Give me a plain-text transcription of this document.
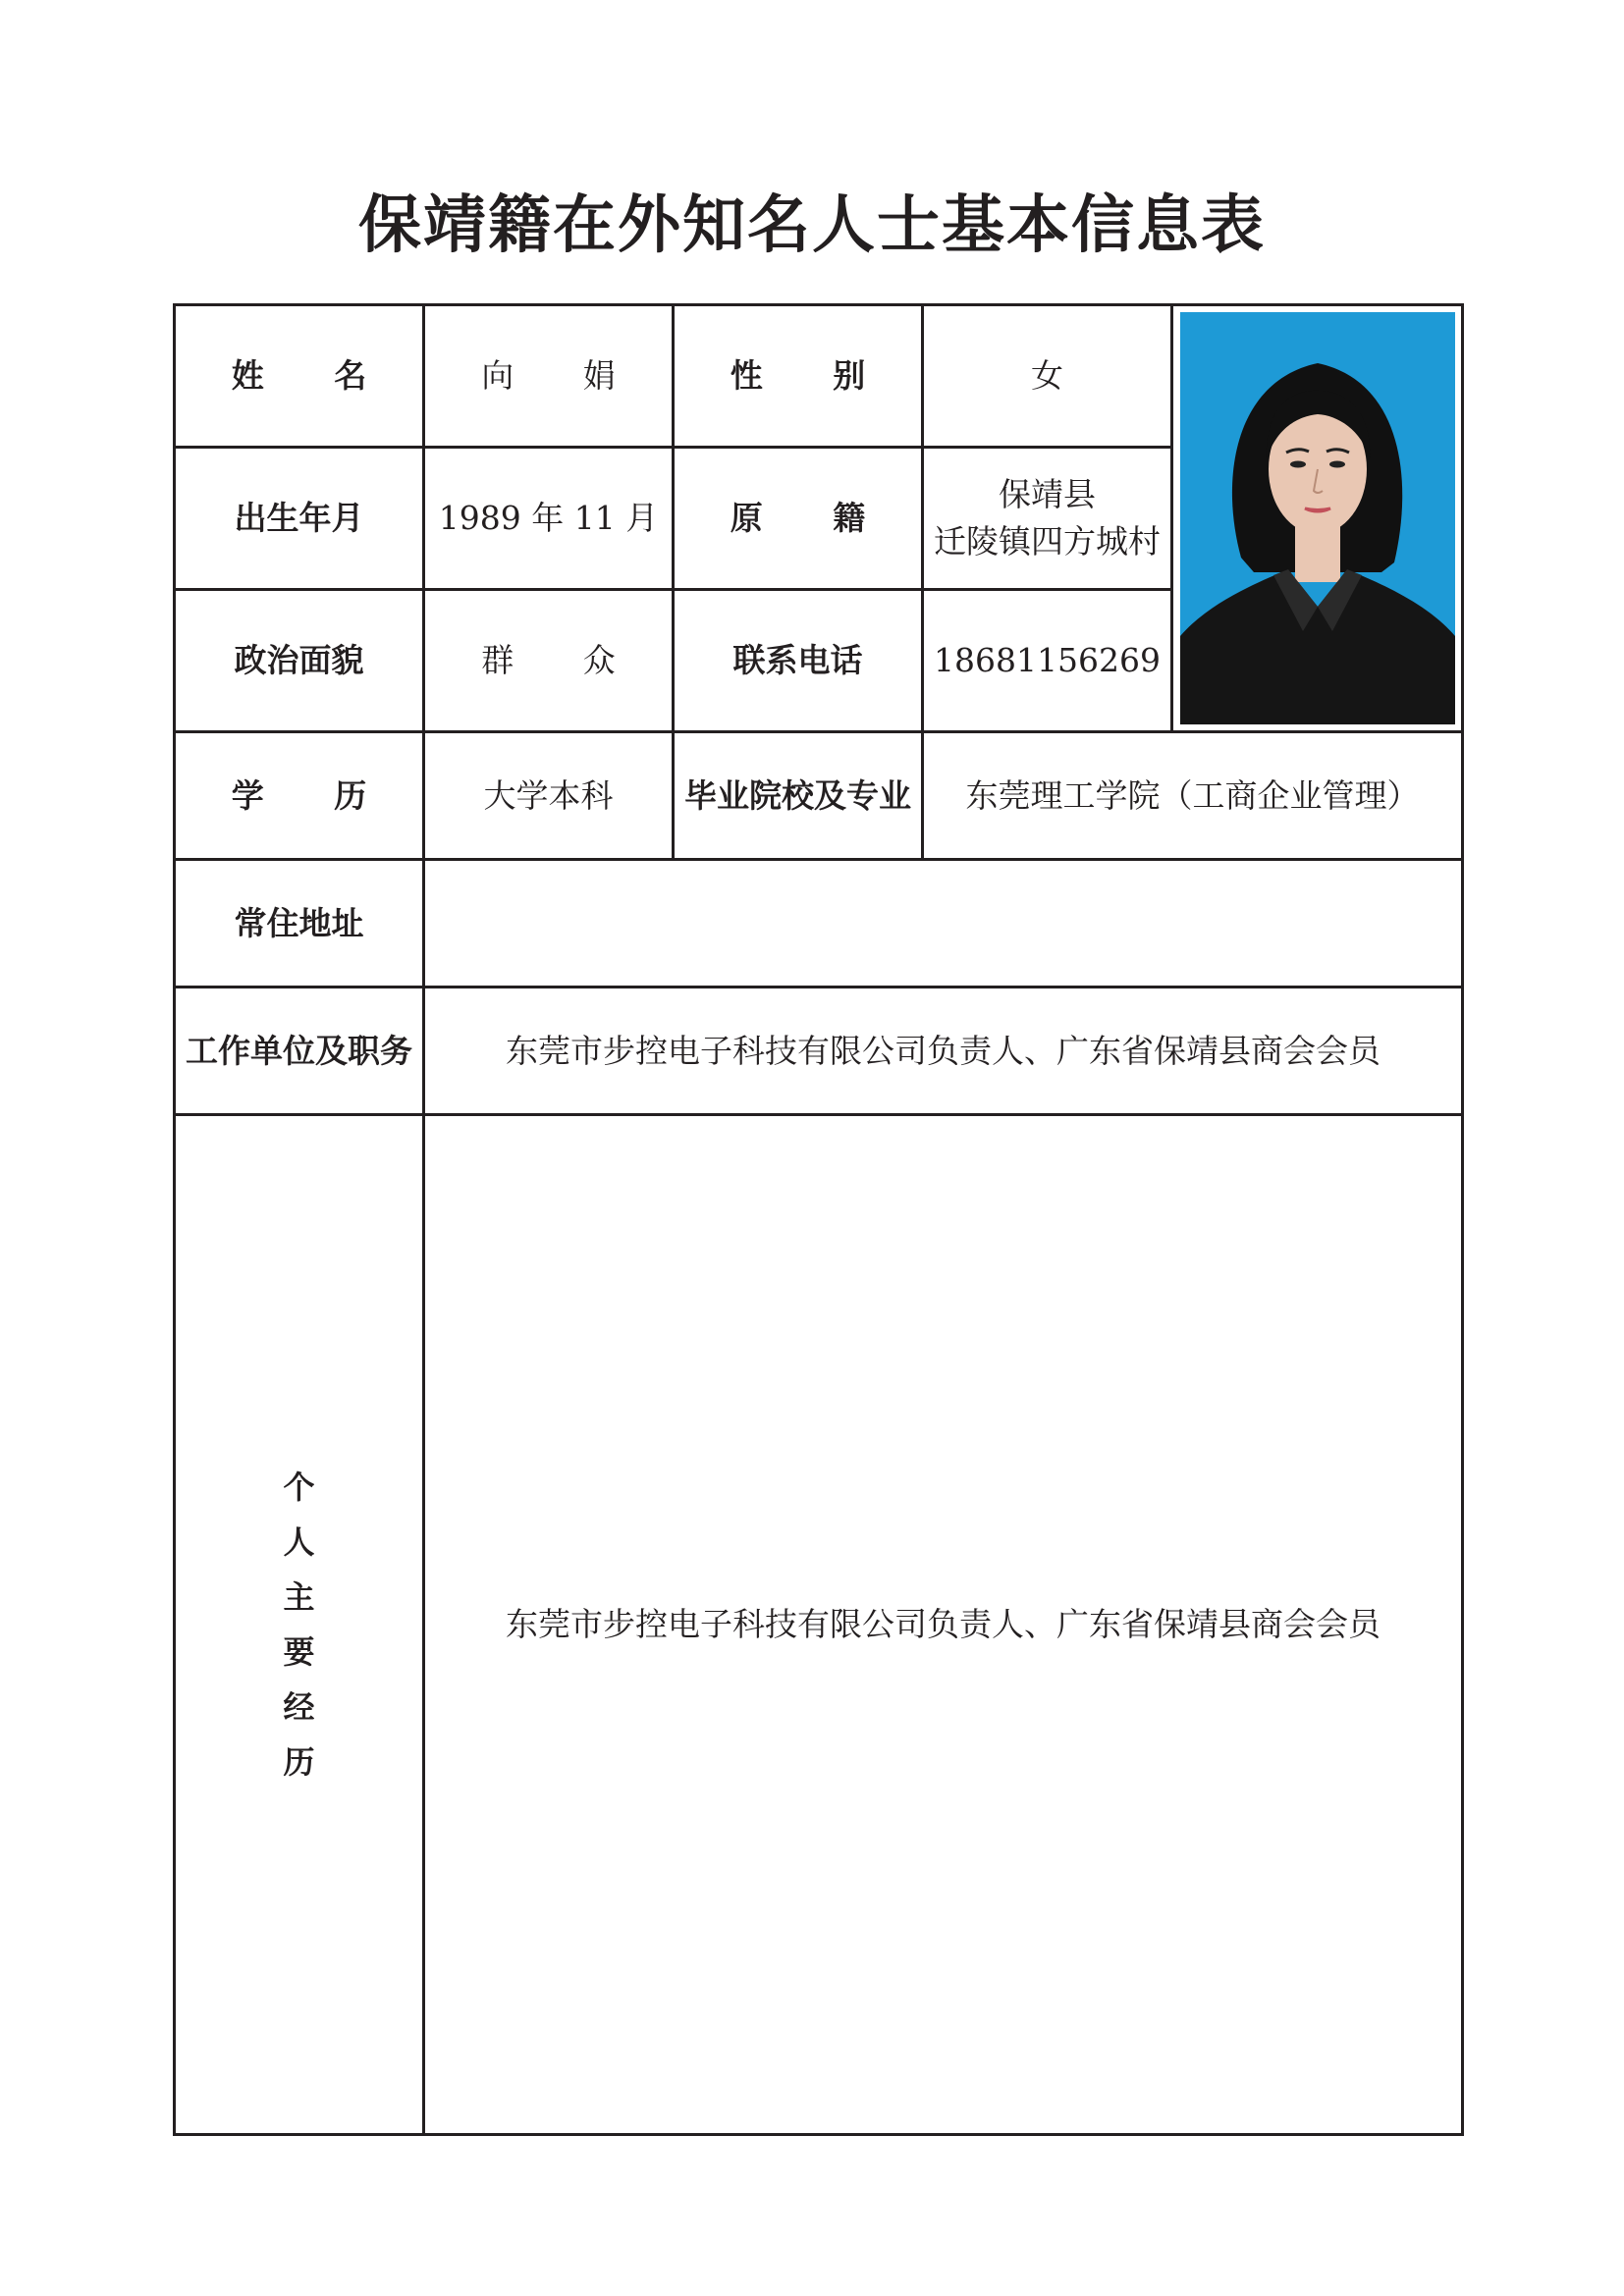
保靖籍在外知名人士基本信息表
姓 名	向 娟	性 别	女	

出生年月	1989 年 11 月	原 籍	保靖县
迁陵镇四方城村	

政治面貌	群 众	联系电话	18681156269	
学 历	大学本科	毕业院校及专业	东莞理工学院（工商企业管理）	
常住地址				
工作单位及职务	东莞市步控电子科技有限公司负责人、广东省保靖县商会会员			
个人主要经历	东莞市步控电子科技有限公司负责人、广东省保靖县商会会员			
